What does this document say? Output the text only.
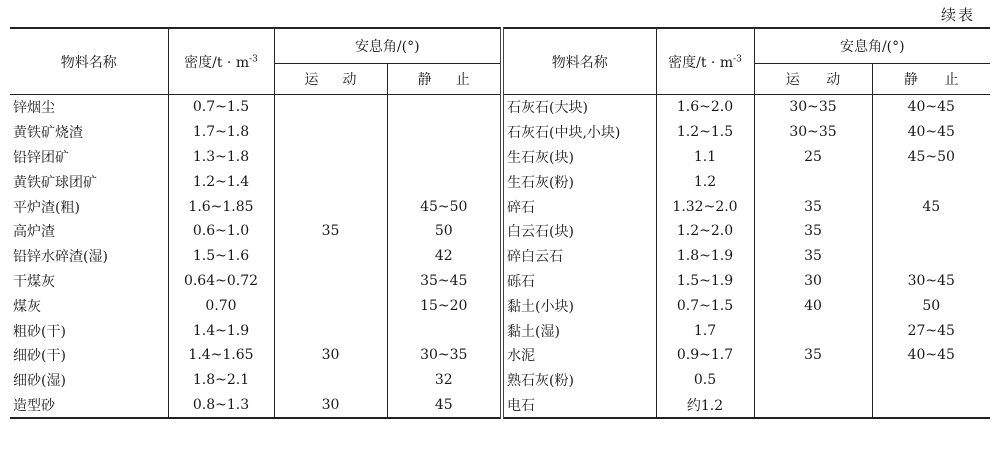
续表
物料名称	密度$/t \cdot m^{-3}$	安息角/(°)	

		运 动	静 止

锌烟尘	0.7~1.5		
黄铁矿烧渣	1.7~1.8		
铅锌团矿	1.3~1.8		
黄铁矿球团矿	1.2~1.4		
平炉渣(粗)	1.6~1.85		45~50
高炉渣	0.6~1.0	35	50
铅锌水碎渣(湿)	1.5~1.6		42
干煤灰	0.64~0.72		35~45
煤灰	0.70		15~20
粗砂(干)	1.4~1.9		
细砂(干)	1.4~1.65	30	30~35
细砂(湿)	1.8~2.1		32
造型砂	0.8~1.3	30	45
物料名称	密度$/t \cdot m^{-3}$	安息角/(°)	

		运 动	静 止

石灰石(大块)	1.6~2.0	30~35	40~45
石灰石(中块,小块)	1.2~1.5	30~35	40~45
生石灰(块)	1.1	25	45~50
生石灰(粉)	1.2		
碎石	1.32~2.0	35	45
白云石(块)	1.2~2.0	35	
碎白云石	1.8~1.9	35	
砾石	1.5~1.9	30	30~45
黏土(小块)	0.7~1.5	40	50
黏土(湿)	1.7		27~45
水泥	0.9~1.7	35	40~45
熟石灰(粉)	0.5		
电石	约1.2		
